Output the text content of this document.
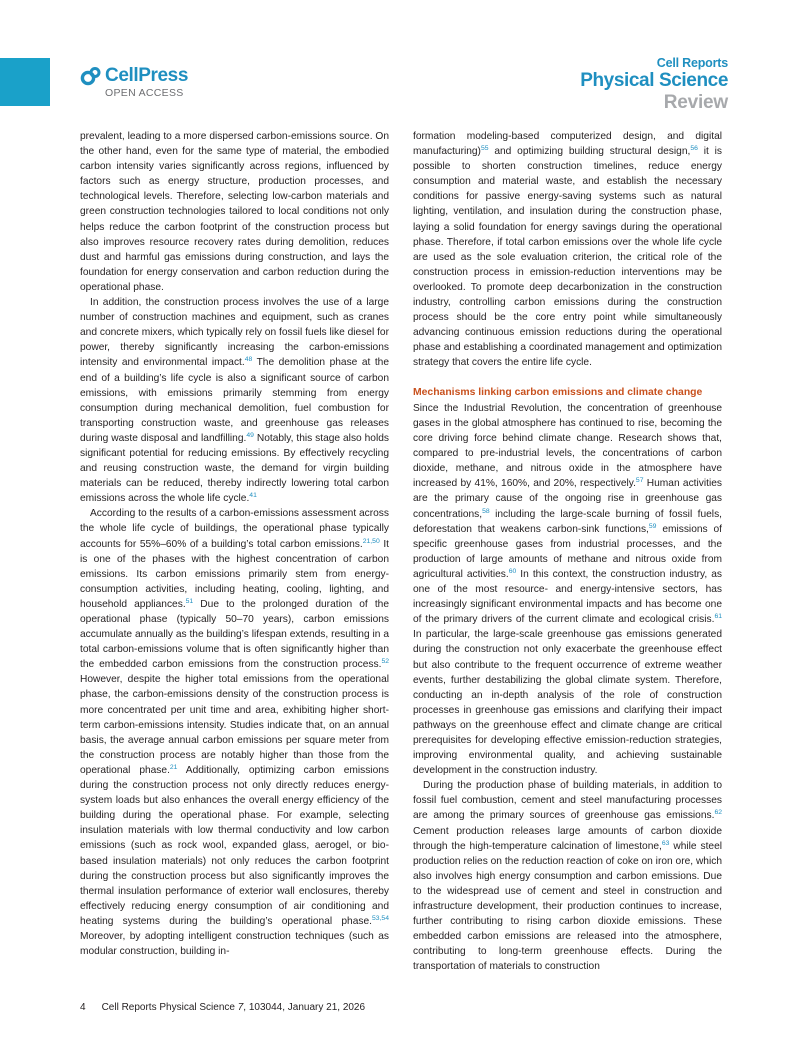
CellPress
OPEN ACCESS
Cell Reports
Physical Science
Review

prevalent, leading to a more dispersed carbon-emissions source. On the other hand, even for the same type of material, the embodied carbon intensity varies significantly across regions, influenced by factors such as energy structure, production processes, and technological levels. Therefore, selecting low-carbon materials and green construction technologies tailored to local conditions not only helps reduce the carbon footprint of the construction process but also improves resource recovery rates during demolition, reduces dust and harmful gas emissions during construction, and lays the foundation for energy conservation and carbon reduction during the operational phase.

In addition, the construction process involves the use of a large number of construction machines and equipment, such as cranes and concrete mixers, which typically rely on fossil fuels like diesel for power, thereby significantly increasing the carbon-emissions intensity and environmental impact.$^{48}$ The demolition phase at the end of a building’s life cycle is also a significant source of carbon emissions, with emissions primarily stemming from energy consumption during mechanical demolition, fuel combustion for transporting construction waste, and greenhouse gas releases during waste disposal and landfilling.$^{49}$ Notably, this stage also holds significant potential for reducing emissions. By effectively recycling and reusing construction waste, the demand for virgin building materials can be reduced, thereby indirectly lowering total carbon emissions across the whole life cycle.$^{41}$

According to the results of a carbon-emissions assessment across the whole life cycle of buildings, the operational phase typically accounts for 55%–60% of a building’s total carbon emissions.$^{21,50}$ It is one of the phases with the highest concentration of carbon emissions. Its carbon emissions primarily stem from energy-consumption activities, including heating, cooling, lighting, and household appliances.$^{51}$ Due to the prolonged duration of the operational phase (typically 50–70 years), carbon emissions accumulate annually as the building’s lifespan extends, resulting in a total carbon-emissions volume that is often significantly higher than the embedded carbon emissions from the construction process.$^{52}$ However, despite the higher total emissions from the operational phase, the carbon-emissions density of the construction process is more concentrated per unit time and area, exhibiting higher short-term carbon-emissions intensity. Studies indicate that, on an annual basis, the average annual carbon emissions per square meter from the construction process are notably higher than those from the operational phase.$^{21}$ Additionally, optimizing carbon emissions during the construction process not only directly reduces energy-system loads but also enhances the overall energy efficiency of the building during the operational phase. For example, selecting insulation materials with low thermal conductivity and low carbon emissions (such as rock wool, expanded glass, aerogel, or bio-based insulation materials) not only reduces the carbon footprint during the construction process but also significantly improves the thermal insulation performance of exterior wall enclosures, thereby effectively reducing energy consumption of air conditioning and heating systems during the building’s operational phase.$^{53,54}$ Moreover, by adopting intelligent construction techniques (such as modular construction, building in-

formation modeling-based computerized design, and digital manufacturing)$^{55}$ and optimizing building structural design,$^{56}$ it is possible to shorten construction timelines, reduce energy consumption and material waste, and establish the necessary conditions for passive energy-saving systems such as natural lighting, ventilation, and insulation during the construction phase, laying a solid foundation for energy savings during the operational phase. Therefore, if total carbon emissions over the whole life cycle are used as the sole evaluation criterion, the critical role of the construction process in emission-reduction interventions may be overlooked. To promote deep decarbonization in the construction industry, controlling carbon emissions during the construction process should be the core entry point while simultaneously advancing continuous emission reductions during the operational phase and establishing a coordinated management and optimization strategy that covers the entire life cycle.

Mechanisms linking carbon emissions and climate change

Since the Industrial Revolution, the concentration of greenhouse gases in the global atmosphere has continued to rise, becoming the core driving force behind climate change. Research shows that, compared to pre-industrial levels, the concentrations of carbon dioxide, methane, and nitrous oxide in the atmosphere have increased by 41%, 160%, and 20%, respectively.$^{57}$ Human activities are the primary cause of the ongoing rise in greenhouse gas concentrations,$^{58}$ including the large-scale burning of fossil fuels, deforestation that weakens carbon-sink functions,$^{59}$ emissions of specific greenhouse gases from industrial processes, and the production of large amounts of methane and nitrous oxide from agricultural activities.$^{60}$ In this context, the construction industry, as one of the most resource- and energy-intensive sectors, has increasingly significant environmental impacts and has become one of the primary drivers of the current climate and ecological crisis.$^{61}$ In particular, the large-scale greenhouse gas emissions generated during the construction not only exacerbate the greenhouse effect but also contribute to the frequent occurrence of extreme weather events, further destabilizing the global climate system. Therefore, conducting an in-depth analysis of the role of construction processes in greenhouse gas emissions and clarifying their impact pathways on the greenhouse effect and climate change are critical prerequisites for developing effective emission-reduction strategies, improving environmental quality, and achieving sustainable development in the construction industry.

During the production phase of building materials, in addition to fossil fuel combustion, cement and steel manufacturing processes are among the primary sources of greenhouse gas emissions.$^{62}$ Cement production releases large amounts of carbon dioxide through the high-temperature calcination of limestone,$^{63}$ while steel production relies on the reduction reaction of coke on iron ore, which also involves high energy consumption and carbon emissions. Due to the widespread use of cement and steel in construction and infrastructure development, their production continues to increase, further contributing to rising carbon dioxide emissions. These embedded carbon emissions are released into the atmosphere, contributing to long-term greenhouse effects. During the transportation of materials to construction

4 Cell Reports Physical Science 7, 103044, January 21, 2026
